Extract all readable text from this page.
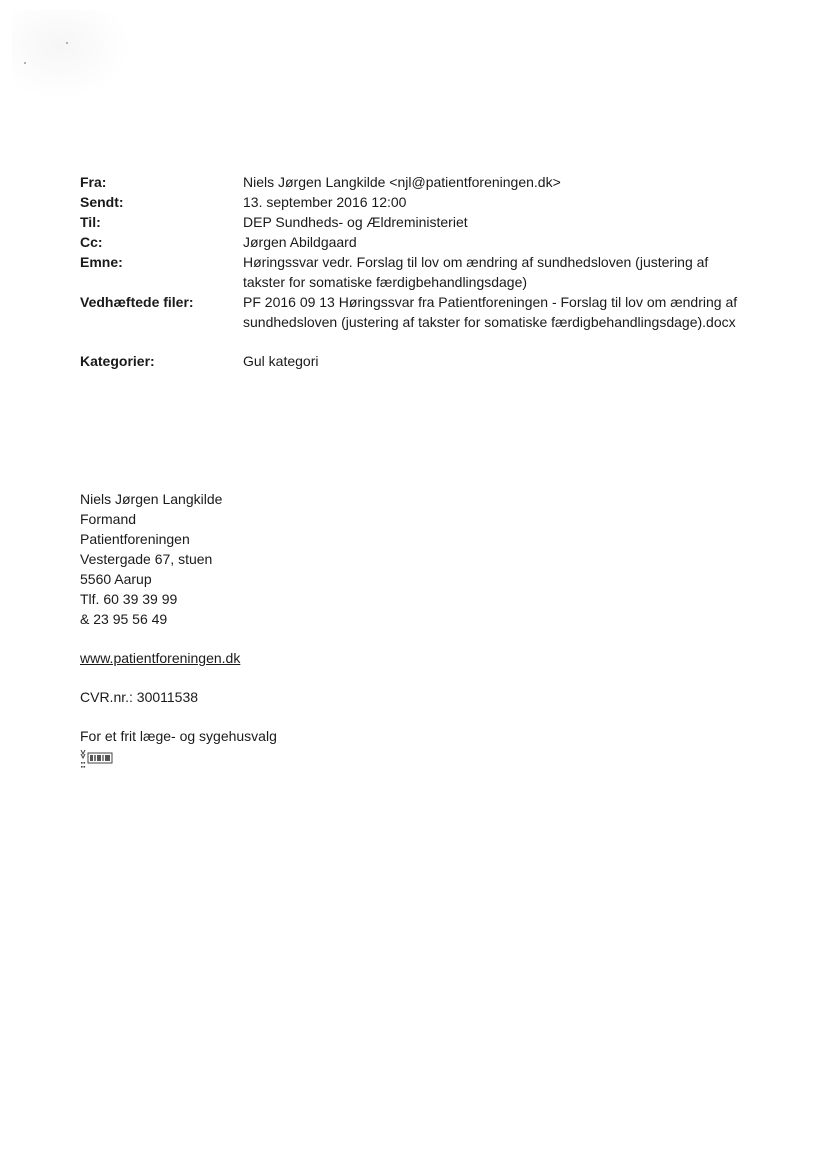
Fra:	Niels Jørgen Langkilde <njl@patientforeningen.dk>
Sendt:	13. september 2016 12:00
Til:	DEP Sundheds- og Ældreministeriet
Cc:	Jørgen Abildgaard
Emne:	Høringssvar vedr. Forslag til lov om ændring af sundhedsloven (justering af takster for somatiske færdigbehandlingsdage)
Vedhæftede filer:	PF 2016 09 13 Høringssvar fra Patientforeningen - Forslag til lov om ændring af sundhedsloven (justering af takster for somatiske færdigbehandlingsdage).docx
Kategorier:	Gul kategori
Niels Jørgen Langkilde
Formand
Patientforeningen
Vestergade 67, stuen
5560 Aarup
Tlf. 60 39 39 99
& 23 95 56 49
www.patientforeningen.dk
CVR.nr.: 30011538
For et frit læge- og sygehusvalg
